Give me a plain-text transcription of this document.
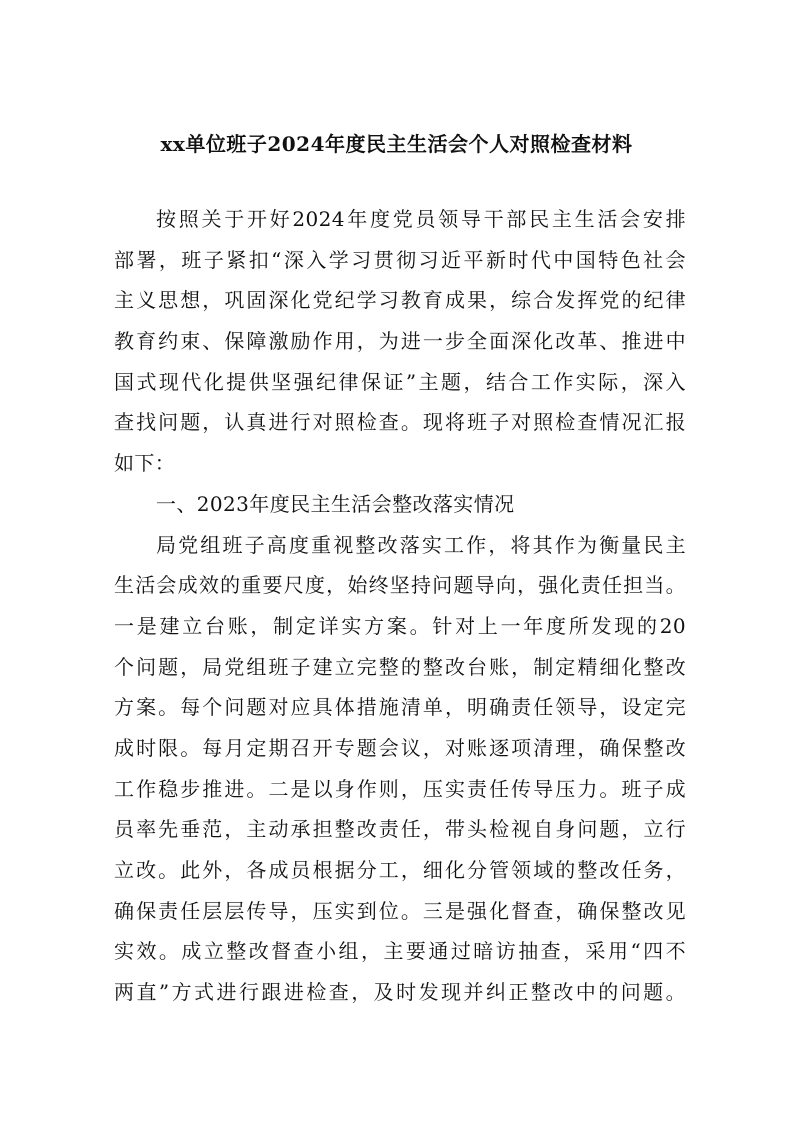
xx单位班子2024年度民主生活会个人对照检查材料
按照关于开好2024年度党员领导干部民主生活会安排
部署，班子紧扣“深入学习贯彻习近平新时代中国特色社会
主义思想，巩固深化党纪学习教育成果，综合发挥党的纪律
教育约束、保障激励作用，为进一步全面深化改革、推进中
国式现代化提供坚强纪律保证”主题，结合工作实际，深入
查找问题，认真进行对照检查。现将班子对照检查情况汇报
如下：
一、2023年度民主生活会整改落实情况
局党组班子高度重视整改落实工作，将其作为衡量民主
生活会成效的重要尺度，始终坚持问题导向，强化责任担当。
一是建立台账，制定详实方案。针对上一年度所发现的20
个问题，局党组班子建立完整的整改台账，制定精细化整改
方案。每个问题对应具体措施清单，明确责任领导，设定完
成时限。每月定期召开专题会议，对账逐项清理，确保整改
工作稳步推进。二是以身作则，压实责任传导压力。班子成
员率先垂范，主动承担整改责任，带头检视自身问题，立行
立改。此外，各成员根据分工，细化分管领域的整改任务，
确保责任层层传导，压实到位。三是强化督查，确保整改见
实效。成立整改督查小组，主要通过暗访抽查，采用“四不
两直”方式进行跟进检查，及时发现并纠正整改中的问题。
